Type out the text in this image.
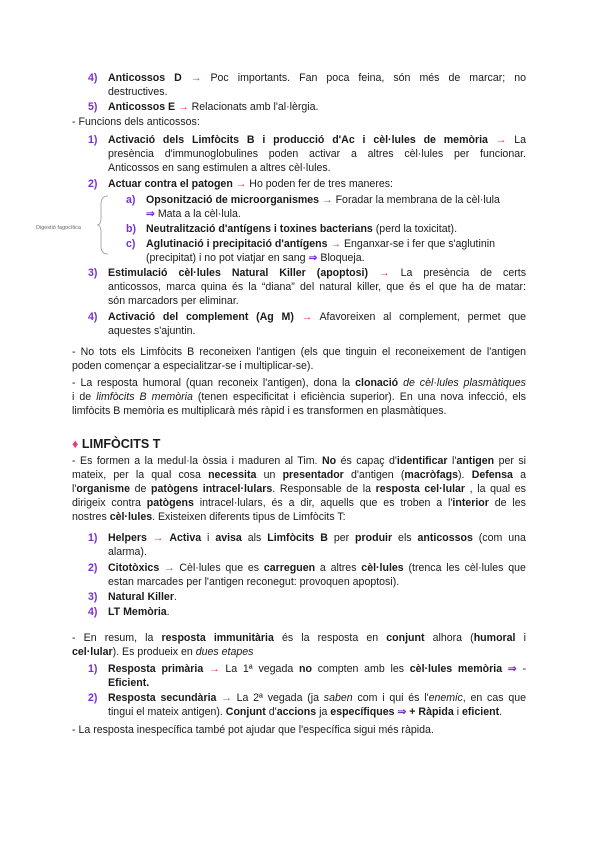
4) Anticossos D → Poc importants. Fan poca feina, són més de marcar; no
destructives.
5) Anticossos E → Relacionats amb l'al·lèrgia.
- Funcions dels anticossos:
1) Activació dels Limfòcits B i producció d'Ac i cèl·lules de memòria → La
presència d'immunoglobulines poden activar a altres cèl·lules per funcionar.
Anticossos en sang estimulen a altres cèl·lules.
2) Actuar contra el patogen → Ho poden fer de tres maneres:
Digestió fagocítica
a) Opsonització de microorganismes → Foradar la membrana de la cèl·lula
⇒ Mata a la cèl·lula.
b) Neutralització d'antígens i toxines bacterians (perd la toxicitat).
c) Aglutinació i precipitació d'antígens → Enganxar-se i fer que s'aglutinin
(precipitat) i no pot viatjar en sang ⇒ Bloqueja.
3) Estimulació cèl·lules Natural Killer (apoptosi) → La presència de certs
anticossos, marca quina és la “diana” del natural killer, que és el que ha de matar:
són marcadors per eliminar.
4) Activació del complement (Ag M) → Afavoreixen al complement, permet que
aquestes s'ajuntin.
- No tots els Limfòcits B reconeixen l'antigen (els que tinguin el reconeixement de l'antigen
poden començar a especialitzar-se i multiplicar-se).
- La resposta humoral (quan reconeix l'antigen), dona la clonació de cèl·lules plasmàtiques
i de limfòcits B memòria (tenen especificitat i eficiència superior). En una nova infecció, els
limfòcits B memòria es multiplicarà més ràpid i es transformen en plasmàtiques.
♦ LIMFÒCITS T
- Es formen a la medul·la òssia i maduren al Tim. No és capaç d'identificar l'antigen per si
mateix, per la qual cosa necessita un presentador d'antigen (macròfags). Defensa a
l'organisme de patògens intracel·lulars. Responsable de la resposta cel·lular , la qual es
dirigeix contra patògens intracel·lulars, és a dir, aquells que es troben a l'interior de les
nostres cèl·lules. Existeixen diferents tipus de Limfòcits T:
1) Helpers → Activa i avisa als Limfòcits B per produir els anticossos (com una
alarma).
2) Citotòxics → Cèl·lules que es carreguen a altres cèl·lules (trenca les cèl·lules que
estan marcades per l'antigen reconegut: provoquen apoptosi).
3) Natural Killer.
4) LT Memòria.
- En resum, la resposta immunitària és la resposta en conjunt alhora (humoral i
cel·lular). Es produeix en dues etapes
1) Resposta primària → La 1ª vegada no compten amb les cèl·lules memòria ⇒ -
Eficient.
2) Resposta secundària → La 2ª vegada (ja saben com i qui és l'enemic, en cas que
tingui el mateix antigen). Conjunt d'accions ja específiques ⇒ + Ràpida i eficient.
- La resposta inespecífica també pot ajudar que l'específica sigui més ràpida.
